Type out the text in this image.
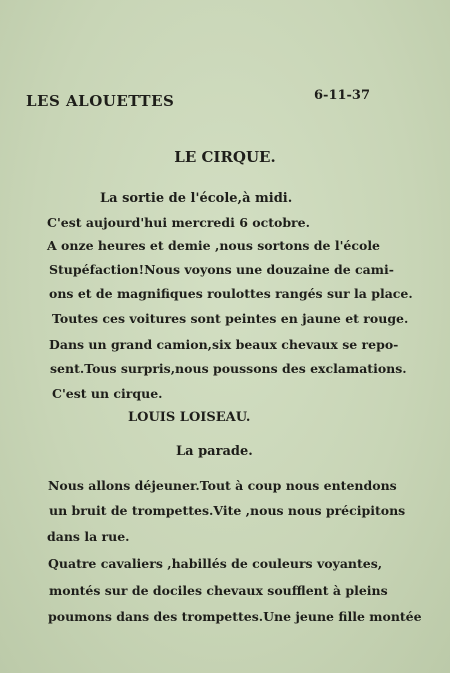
LES ALOUETTES	6-11-37
LE CIRQUE.
La sortie de l'école,à midi.
C'est aujourd'hui mercredi 6 octobre.
A onze heures et demie ,nous sortons de l'école
Stupéfaction!Nous voyons une douzaine de cami-
ons et de magnifiques roulottes rangés sur la place.
Toutes ces voitures sont peintes en jaune et rouge.
Dans un grand camion,six beaux chevaux se repo-
sent.Tous surpris,nous poussons des exclamations.
C'est un cirque.
LOUIS LOISEAU.
La parade.
Nous allons déjeuner.Tout à coup nous entendons
un bruit de trompettes.Vite ,nous nous précipitons
dans la rue.
Quatre cavaliers ,habillés de couleurs voyantes,
montés sur de dociles chevaux soufflent à pleins
poumons dans des trompettes.Une jeune fille montée
